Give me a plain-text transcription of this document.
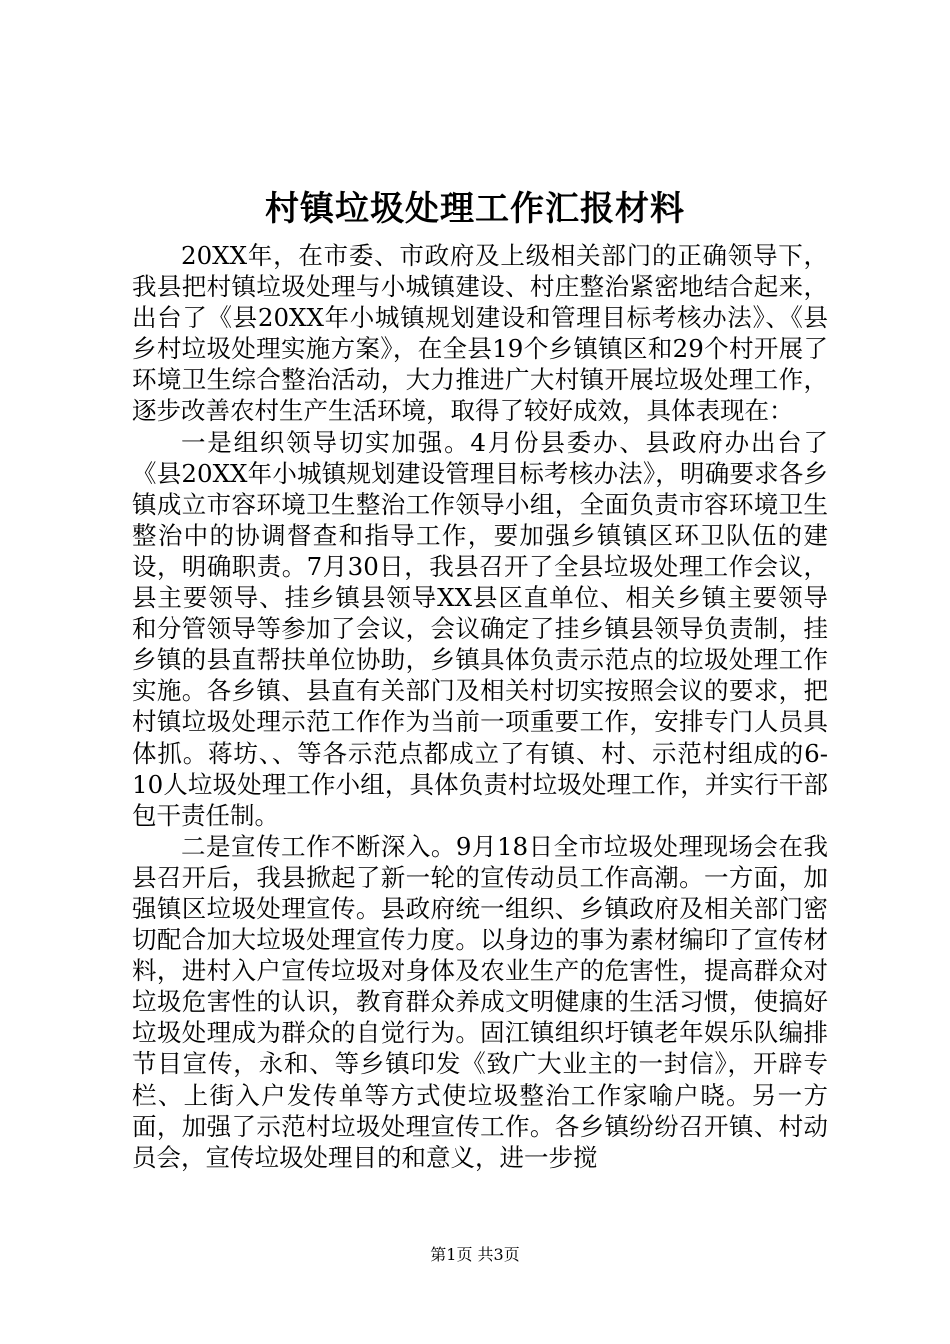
村镇垃圾处理工作汇报材料

20XX年，在市委、市政府及上级相关部门的正确领导下，我县把村镇垃圾处理与小城镇建设、村庄整治紧密地结合起来，出台了《县20XX年小城镇规划建设和管理目标考核办法》、《县乡村垃圾处理实施方案》，在全县19个乡镇镇区和29个村开展了环境卫生综合整治活动，大力推进广大村镇开展垃圾处理工作，逐步改善农村生产生活环境，取得了较好成效，具体表现在：

一是组织领导切实加强。4月份县委办、县政府办出台了《县20XX年小城镇规划建设管理目标考核办法》，明确要求各乡镇成立市容环境卫生整治工作领导小组，全面负责市容环境卫生整治中的协调督查和指导工作，要加强乡镇镇区环卫队伍的建设，明确职责。7月30日，我县召开了全县垃圾处理工作会议，县主要领导、挂乡镇县领导XX县区直单位、相关乡镇主要领导和分管领导等参加了会议，会议确定了挂乡镇县领导负责制，挂乡镇的县直帮扶单位协助，乡镇具体负责示范点的垃圾处理工作实施。各乡镇、县直有关部门及相关村切实按照会议的要求，把村镇垃圾处理示范工作作为当前一项重要工作，安排专门人员具体抓。蒋坊、、等各示范点都成立了有镇、村、示范村组成的6-10人垃圾处理工作小组，具体负责村垃圾处理工作，并实行干部包干责任制。

二是宣传工作不断深入。9月18日全市垃圾处理现场会在我县召开后，我县掀起了新一轮的宣传动员工作高潮。一方面，加强镇区垃圾处理宣传。县政府统一组织、乡镇政府及相关部门密切配合加大垃圾处理宣传力度。以身边的事为素材编印了宣传材料，进村入户宣传垃圾对身体及农业生产的危害性，提高群众对垃圾危害性的认识，教育群众养成文明健康的生活习惯，使搞好垃圾处理成为群众的自觉行为。固江镇组织圩镇老年娱乐队编排节目宣传，永和、等乡镇印发《致广大业主的一封信》，开辟专栏、上街入户发传单等方式使垃圾整治工作家喻户晓。另一方面，加强了示范村垃圾处理宣传工作。各乡镇纷纷召开镇、村动员会，宣传垃圾处理目的和意义，进一步搅

第1页 共3页
